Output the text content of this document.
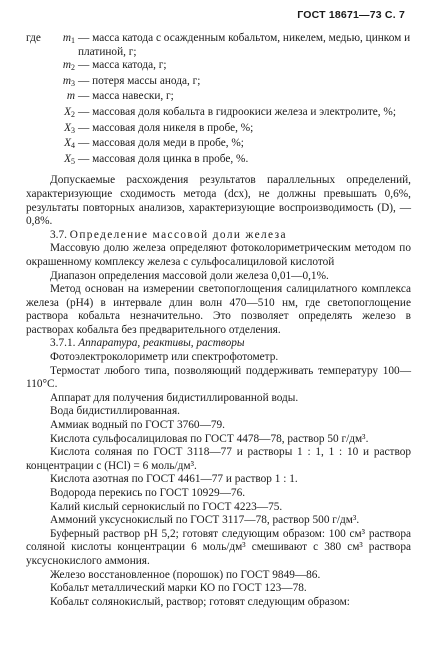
ГОСТ 18671—73 С. 7
где	$m_1$ — масса катода с осажденным кобальтом, никелем, медью, цинком и платиной, г;
$m_2$ — масса катода, г;
$m_3$ — потеря массы анода, г;
m — масса навески, г;
$X_2$ — массовая доля кобальта в гидроокиси железа и электролите, %;
$X_3$ — массовая доля никеля в пробе, %;
$X_4$ — массовая доля меди в пробе, %;
$X_5$ — массовая доля цинка в пробе, %.

Допускаемые расхождения результатов параллельных определений, характеризующие сходимость метода (dсх), не должны превышать 0,6%, результаты повторных анализов, характеризующие воспроизводимость (D), — 0,8%.

3.7. Определение массовой доли железа

Массовую долю железа определяют фотоколориметрическим методом по окрашенному комплексу железа с сульфосалициловой кислотой

Диапазон определения массовой доли железа 0,01—0,1%.

Метод основан на измерении светопоглощения салицилатного комплекса железа (pH4) в интервале длин волн 470—510 нм, где светопоглощение раствора кобальта незначительно. Это позволяет определять железо в растворах кобальта без предварительного отделения.

3.7.1. Аппаратура, реактивы, растворы

Фотоэлектроколориметр или спектрофотометр.

Термостат любого типа, позволяющий поддерживать температуру 100—110°С.

Аппарат для получения бидистиллированной воды.

Вода бидистиллированная.

Аммиак водный по ГОСТ 3760—79.

Кислота сульфосалициловая по ГОСТ 4478—78, раствор 50 г/дм³.

Кислота соляная по ГОСТ 3118—77 и растворы 1 : 1, 1 : 10 и раствор концентрации с (HCl) = 6 моль/дм³.

Кислота азотная по ГОСТ 4461—77 и раствор 1 : 1.

Водорода перекись по ГОСТ 10929—76.

Калий кислый сернокислый по ГОСТ 4223—75.

Аммоний уксуснокислый по ГОСТ 3117—78, раствор 500 г/дм³.

Буферный раствор pH 5,2; готовят следующим образом: 100 см³ раствора соляной кислоты концентрации 6 моль/дм³ смешивают с 380 см³ раствора уксуснокислого аммония.

Железо восстановленное (порошок) по ГОСТ 9849—86.

Кобальт металлический марки КО по ГОСТ 123—78.

Кобальт солянокислый, раствор; готовят следующим образом:
